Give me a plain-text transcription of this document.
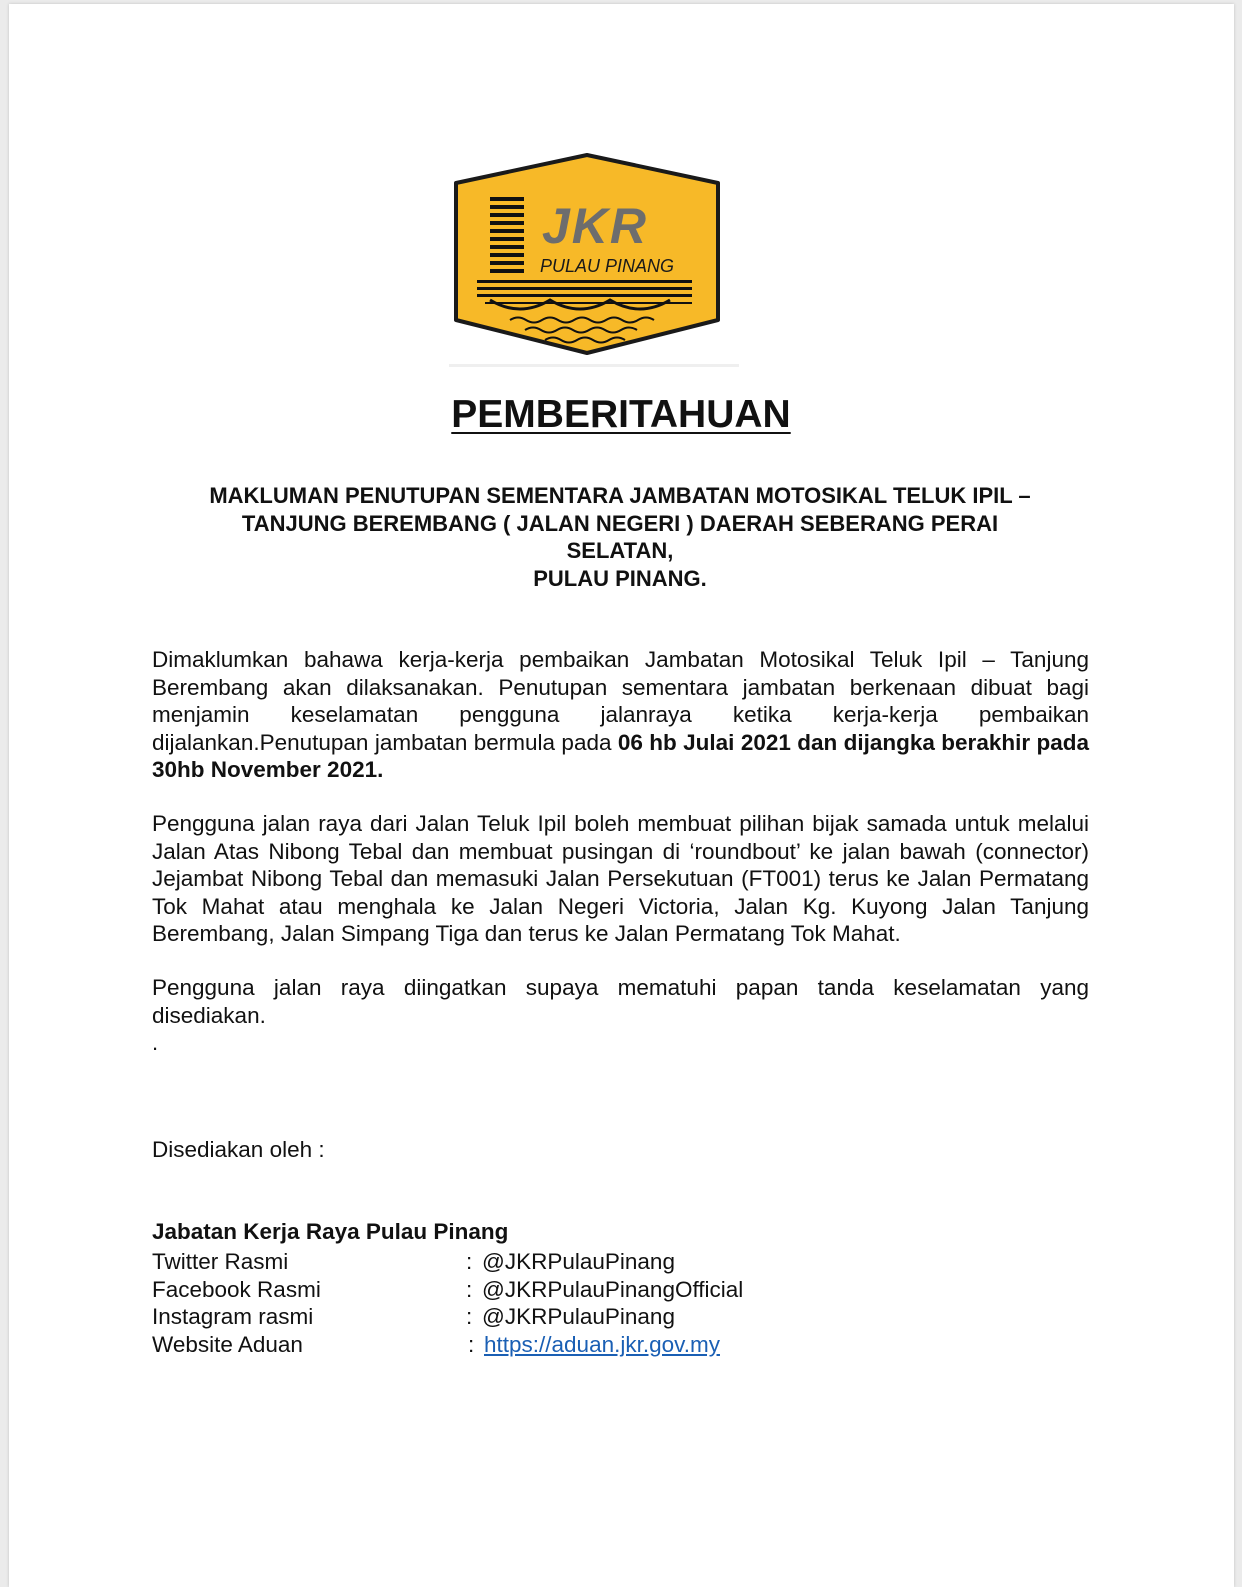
JKR
PULAU PINANG
PEMBERITAHUAN
MAKLUMAN PENUTUPAN SEMENTARA JAMBATAN MOTOSIKAL TELUK IPIL –
TANJUNG BEREMBANG ( JALAN NEGERI ) DAERAH SEBERANG PERAI
SELATAN,
PULAU PINANG.
Dimaklumkan bahawa kerja-kerja pembaikan Jambatan Motosikal Teluk Ipil – Tanjung Berembang akan dilaksanakan. Penutupan sementara jambatan berkenaan dibuat bagi menjamin keselamatan pengguna jalanraya ketika kerja-kerja pembaikan dijalankan.Penutupan jambatan bermula pada 06 hb Julai 2021 dan dijangka berakhir pada 30hb November 2021.
Pengguna jalan raya dari Jalan Teluk Ipil boleh membuat pilihan bijak samada untuk melalui Jalan Atas Nibong Tebal dan membuat pusingan di ‘roundbout’ ke jalan bawah (connector) Jejambat Nibong Tebal dan memasuki Jalan Persekutuan (FT001) terus ke Jalan Permatang Tok Mahat atau menghala ke Jalan Negeri Victoria, Jalan Kg. Kuyong Jalan Tanjung Berembang, Jalan Simpang Tiga dan terus ke Jalan Permatang Tok Mahat.
Pengguna jalan raya diingatkan supaya mematuhi papan tanda keselamatan yang disediakan.
.
Disediakan oleh :
Jabatan Kerja Raya Pulau Pinang
Twitter Rasmi	: @JKRPulauPinang
Facebook Rasmi	: @JKRPulauPinangOfficial
Instagram rasmi	: @JKRPulauPinang
Website Aduan	: https://aduan.jkr.gov.my
